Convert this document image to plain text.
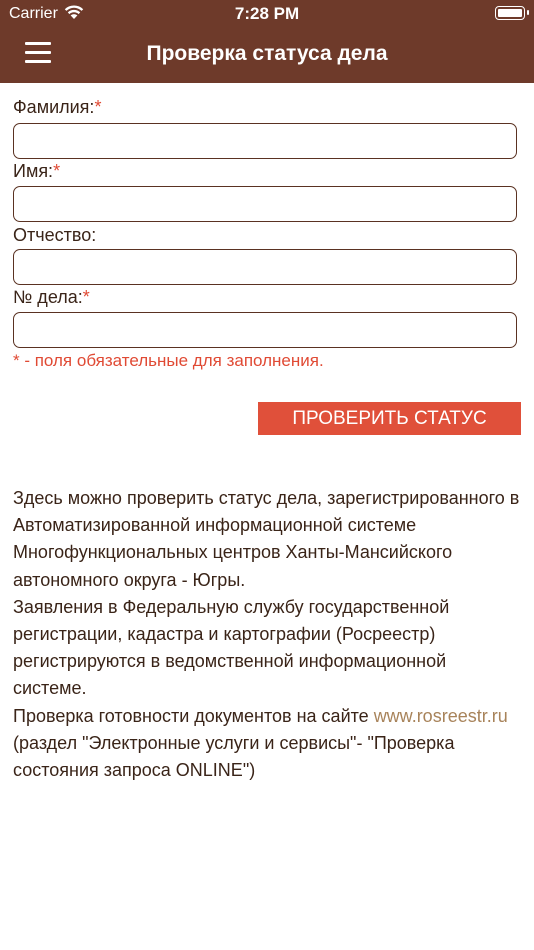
Carrier	7:28 PM
Проверка статуса дела
Фамилия:*
Имя:*
Отчество:
№ дела:*
* - поля обязательные для заполнения.
ПРОВЕРИТЬ СТАТУС

Здесь можно проверить статус дела, зарегистрированного в Автоматизированной информационной системе Многофункциональных центров Ханты-Мансийского автономного округа - Югры.

Заявления в Федеральную службу государственной регистрации, кадастра и картографии (Росреестр) регистрируются в ведомственной информационной системе.

Проверка готовности документов на сайте www.rosreestr.ru (раздел "Электронные услуги и сервисы"- "Проверка состояния запроса ONLINE")
